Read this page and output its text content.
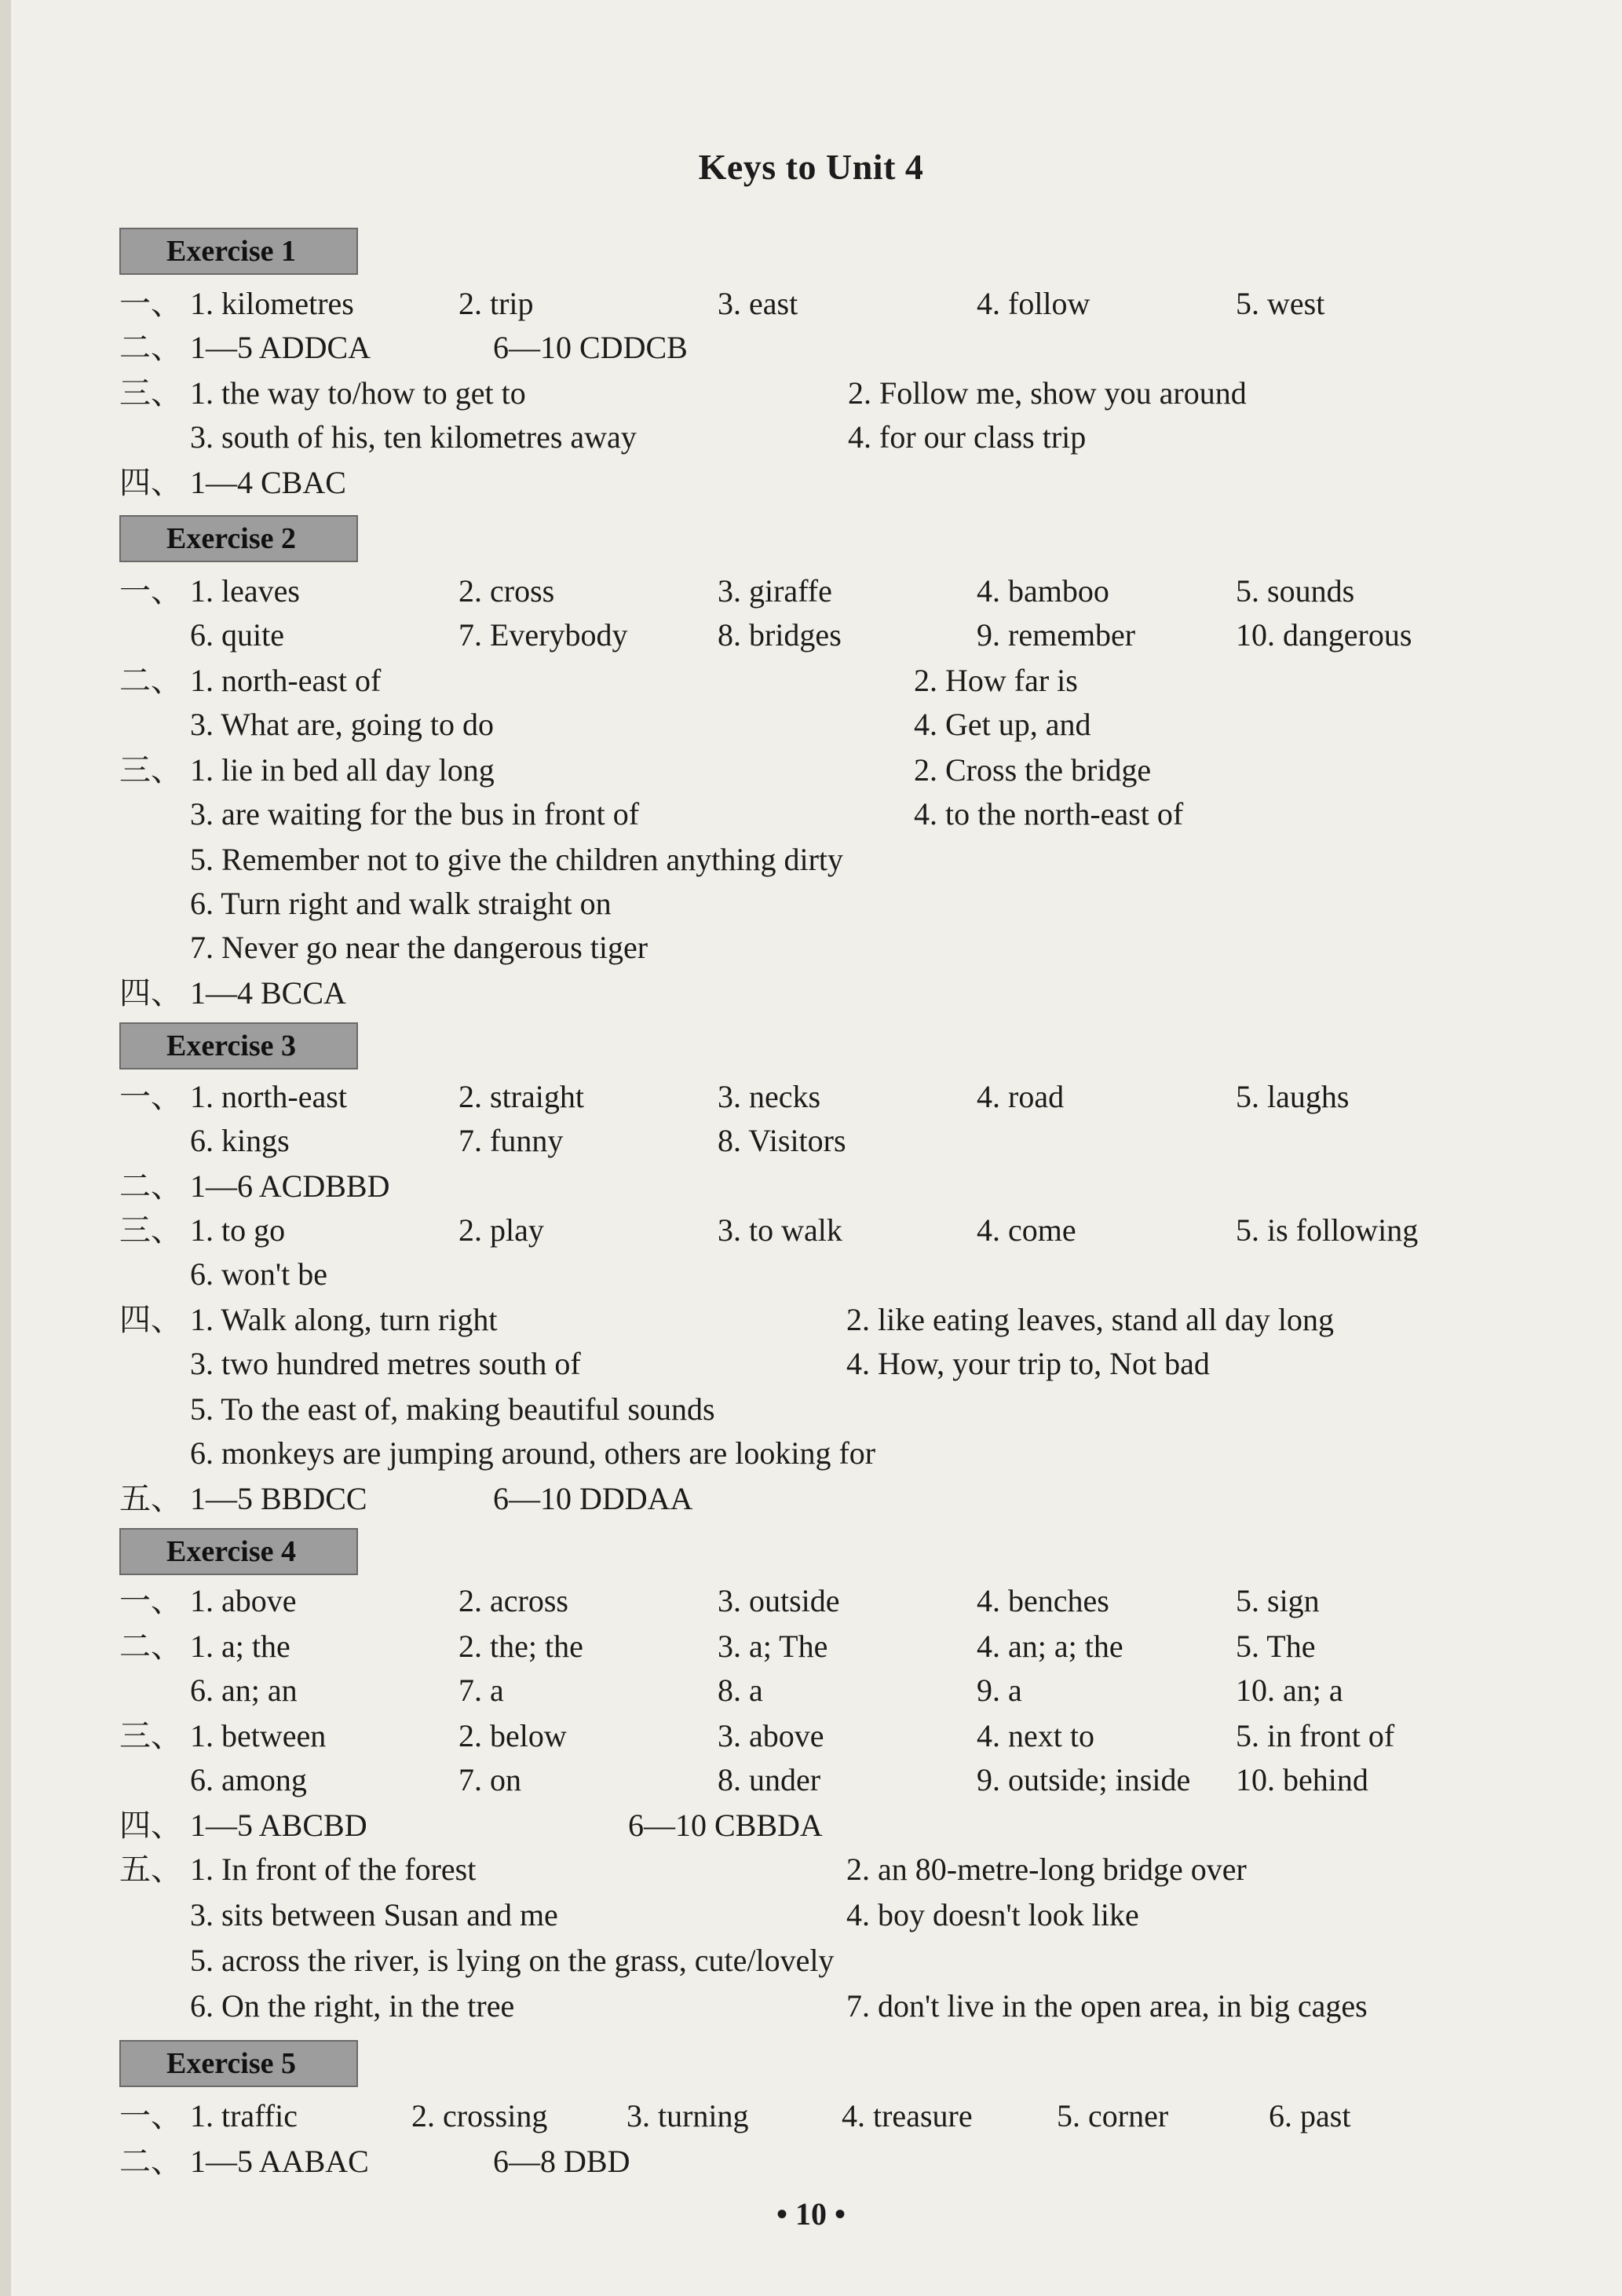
Keys to Unit 4
Exercise 1
一、 1. kilometres	2. trip	3. east	4. follow	5. west
二、 1—5 ADDCA	6—10 CDDCB
三、 1. the way to/how to get to	2. Follow me, show you around
3. south of his, ten kilometres away	4. for our class trip
四、 1—4 CBAC
Exercise 2
一、 1. leaves	2. cross	3. giraffe	4. bamboo	5. sounds
6. quite	7. Everybody	8. bridges	9. remember	10. dangerous
二、 1. north-east of	2. How far is
3. What are, going to do	4. Get up, and
三、 1. lie in bed all day long	2. Cross the bridge
3. are waiting for the bus in front of	4. to the north-east of
5. Remember not to give the children anything dirty
6. Turn right and walk straight on
7. Never go near the dangerous tiger
四、 1—4 BCCA
Exercise 3
一、 1. north-east	2. straight	3. necks	4. road	5. laughs
6. kings	7. funny	8. Visitors
二、 1—6 ACDBBD
三、 1. to go	2. play	3. to walk	4. come	5. is following
6. won't be
四、 1. Walk along, turn right	2. like eating leaves, stand all day long
3. two hundred metres south of	4. How, your trip to, Not bad
5. To the east of, making beautiful sounds
6. monkeys are jumping around, others are looking for
五、 1—5 BBDCC	6—10 DDDAA
Exercise 4
一、 1. above	2. across	3. outside	4. benches	5. sign
二、 1. a; the	2. the; the	3. a; The	4. an; a; the	5. The
6. an; an	7. a	8. a	9. a	10. an; a
三、 1. between	2. below	3. above	4. next to	5. in front of
6. among	7. on	8. under	9. outside; inside 10. behind
四、 1—5 ABCBD	6—10 CBBDA
五、 1. In front of the forest	2. an 80-metre-long bridge over
3. sits between Susan and me	4. boy doesn't look like
5. across the river, is lying on the grass, cute/lovely
6. On the right, in the tree	7. don't live in the open area, in big cages
Exercise 5
一、 1. traffic	2. crossing	3. turning	4. treasure	5. corner	6. past
二、 1—5 AABAC	6—8 DBD
• 10 •
